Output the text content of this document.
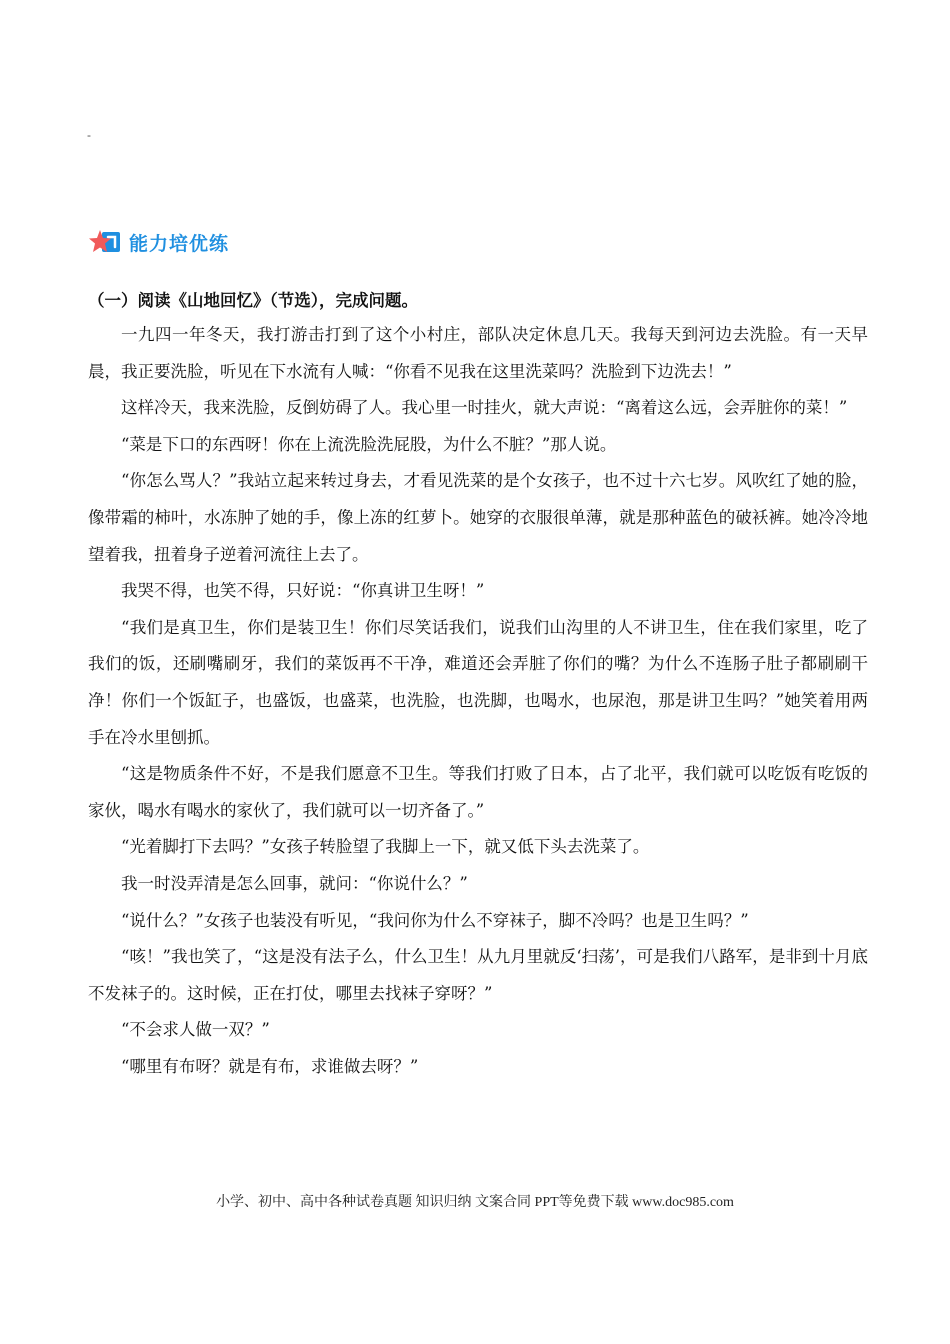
-
能力培优练
（一）阅读《山地回忆》（节选），完成问题。

一九四一年冬天，我打游击打到了这个小村庄，部队决定休息几天。我每天到河边去洗脸。有一天早晨，我正要洗脸，听见在下水流有人喊：“你看不见我在这里洗菜吗？洗脸到下边洗去！”

这样冷天，我来洗脸，反倒妨碍了人。我心里一时挂火，就大声说：“离着这么远，会弄脏你的菜！”

“菜是下口的东西呀！你在上流洗脸洗屁股，为什么不脏？”那人说。

“你怎么骂人？”我站立起来转过身去，才看见洗菜的是个女孩子，也不过十六七岁。风吹红了她的脸，像带霜的柿叶，水冻肿了她的手，像上冻的红萝卜。她穿的衣服很单薄，就是那种蓝色的破袄裤。她冷冷地望着我，扭着身子逆着河流往上去了。

我哭不得，也笑不得，只好说：“你真讲卫生呀！”

“我们是真卫生，你们是装卫生！你们尽笑话我们，说我们山沟里的人不讲卫生，住在我们家里，吃了我们的饭，还刷嘴刷牙，我们的菜饭再不干净，难道还会弄脏了你们的嘴？为什么不连肠子肚子都刷刷干净！你们一个饭缸子，也盛饭，也盛菜，也洗脸，也洗脚，也喝水，也尿泡，那是讲卫生吗？”她笑着用两手在冷水里刨抓。

“这是物质条件不好，不是我们愿意不卫生。等我们打败了日本，占了北平，我们就可以吃饭有吃饭的家伙，喝水有喝水的家伙了，我们就可以一切齐备了。”

“光着脚打下去吗？”女孩子转脸望了我脚上一下，就又低下头去洗菜了。

我一时没弄清是怎么回事，就问：“你说什么？”

“说什么？”女孩子也装没有听见，“我问你为什么不穿袜子，脚不冷吗？也是卫生吗？”

“咳！”我也笑了，“这是没有法子么，什么卫生！从九月里就反‘扫荡’，可是我们八路军，是非到十月底不发袜子的。这时候，正在打仗，哪里去找袜子穿呀？”

“不会求人做一双？”

“哪里有布呀？就是有布，求谁做去呀？”

小学、初中、高中各种试卷真题 知识归纳 文案合同 PPT等免费下载 www.doc985.com
